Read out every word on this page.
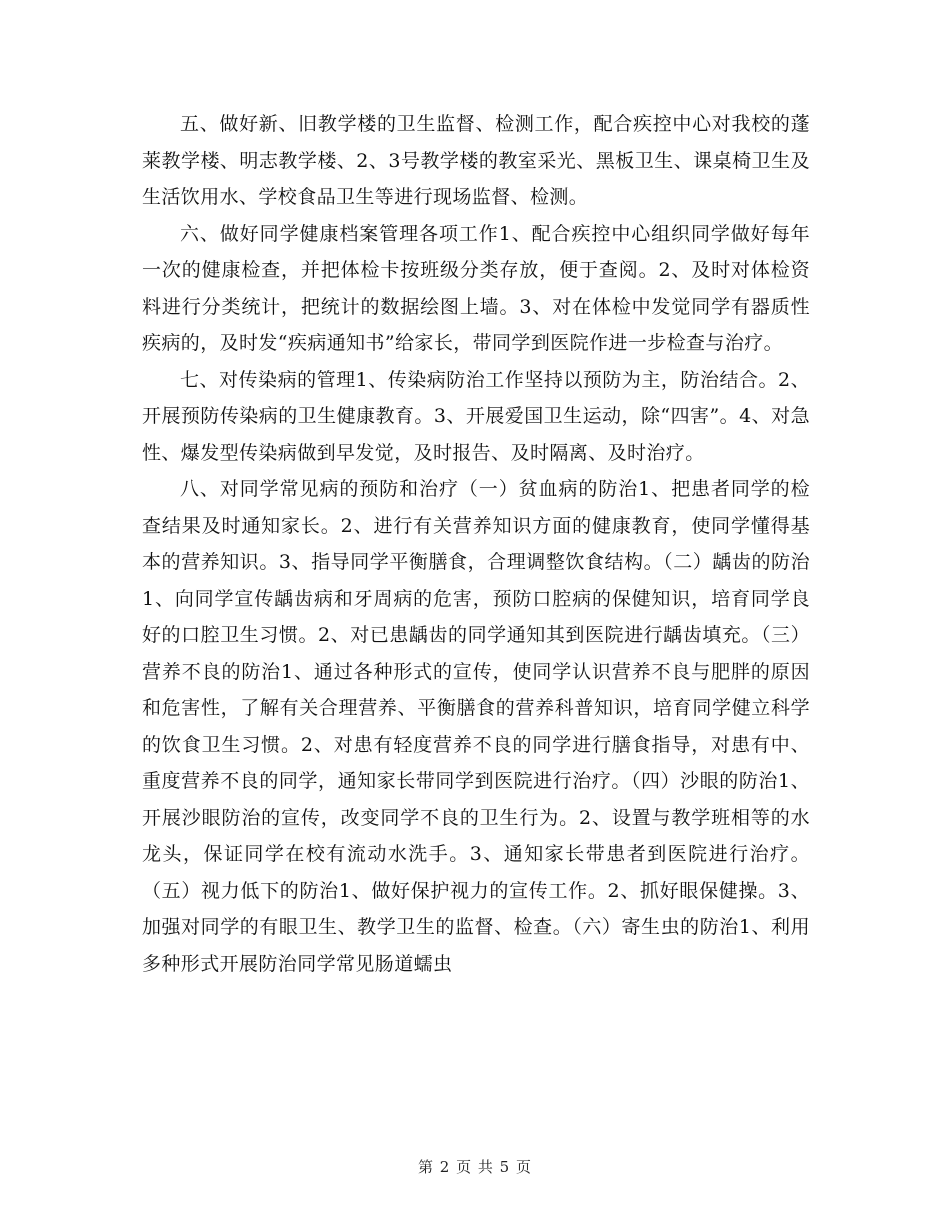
五、做好新、旧教学楼的卫生监督、检测工作，配合疾控中心对我校的蓬莱教学楼、明志教学楼、2、3号教学楼的教室采光、黑板卫生、课桌椅卫生及生活饮用水、学校食品卫生等进行现场监督、检测。

六、做好同学健康档案管理各项工作1、配合疾控中心组织同学做好每年一次的健康检查，并把体检卡按班级分类存放，便于查阅。2、及时对体检资料进行分类统计，把统计的数据绘图上墙。3、对在体检中发觉同学有器质性疾病的，及时发“疾病通知书”给家长，带同学到医院作进一步检查与治疗。

七、对传染病的管理1、传染病防治工作坚持以预防为主，防治结合。2、开展预防传染病的卫生健康教育。3、开展爱国卫生运动，除“四害”。4、对急性、爆发型传染病做到早发觉，及时报告、及时隔离、及时治疗。

八、对同学常见病的预防和治疗（一）贫血病的防治1、把患者同学的检查结果及时通知家长。2、进行有关营养知识方面的健康教育，使同学懂得基本的营养知识。3、指导同学平衡膳食，合理调整饮食结构。（二）龋齿的防治1、向同学宣传龋齿病和牙周病的危害，预防口腔病的保健知识，培育同学良好的口腔卫生习惯。2、对已患龋齿的同学通知其到医院进行龋齿填充。（三）营养不良的防治1、通过各种形式的宣传，使同学认识营养不良与肥胖的原因和危害性，了解有关合理营养、平衡膳食的营养科普知识，培育同学健立科学的饮食卫生习惯。2、对患有轻度营养不良的同学进行膳食指导，对患有中、重度营养不良的同学，通知家长带同学到医院进行治疗。（四）沙眼的防治1、开展沙眼防治的宣传，改变同学不良的卫生行为。2、设置与教学班相等的水龙头，保证同学在校有流动水洗手。3、通知家长带患者到医院进行治疗。（五）视力低下的防治1、做好保护视力的宣传工作。2、抓好眼保健操。3、加强对同学的有眼卫生、教学卫生的监督、检查。（六）寄生虫的防治1、利用多种形式开展防治同学常见肠道蠕虫

第 2 页 共 5 页
